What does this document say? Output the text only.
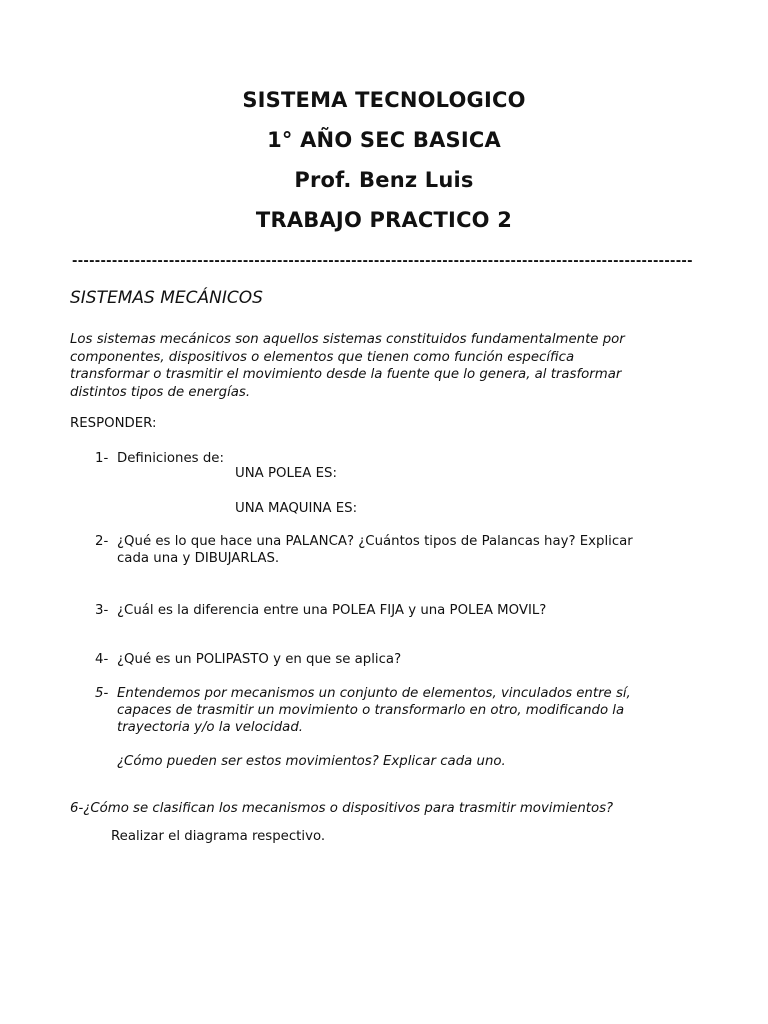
SISTEMA TECNOLOGICO
1° AÑO SEC BASICA
Prof. Benz Luis
TRABAJO PRACTICO 2
-------------------------------------------------------------------------------------------------------------
SISTEMAS MECÁNICOS
Los sistemas mecánicos son aquellos sistemas constituidos fundamentalmente por
componentes, dispositivos o elementos que tienen como función específica
transformar o trasmitir el movimiento desde la fuente que lo genera, al trasformar
distintos tipos de energías.
RESPONDER:
1- Definiciones de:
UNA POLEA ES:
UNA MAQUINA ES:
2- ¿Qué es lo que hace una PALANCA? ¿Cuántos tipos de Palancas hay? Explicar
cada una y DIBUJARLAS.
3- ¿Cuál es la diferencia entre una POLEA FIJA y una POLEA MOVIL?
4- ¿Qué es un POLIPASTO y en que se aplica?
5- Entendemos por mecanismos un conjunto de elementos, vinculados entre sí,
capaces de trasmitir un movimiento o transformarlo en otro, modificando la
trayectoria y/o la velocidad.
¿Cómo pueden ser estos movimientos? Explicar cada uno.
6-¿Cómo se clasifican los mecanismos o dispositivos para trasmitir movimientos?
Realizar el diagrama respectivo.
